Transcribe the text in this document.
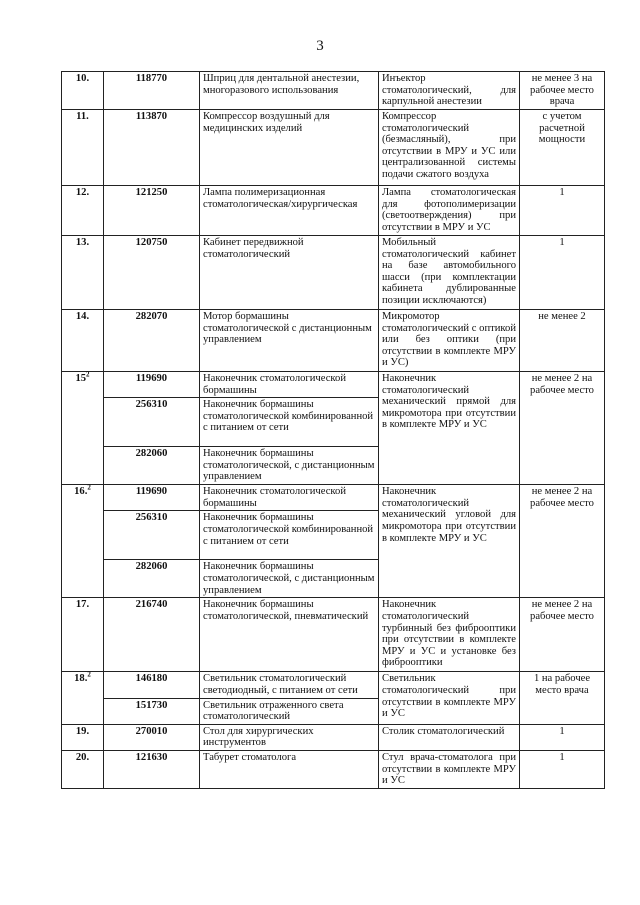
3
10.	118770	Шприц для дентальной анестезии, многоразового использования	Инъектор стоматологический, для карпульной анестезии	не менее 3 на рабочее место врача
11.	113870	Компрессор воздушный для медицинских изделий	Компрессор стоматологический (безмасляный), при отсутствии в МРУ и УС или централизованной системы подачи сжатого воздуха	с учетом расчетной мощности
12.	121250	Лампа полимеризационная стоматологическая/хирургическая	Лампа стоматологическая для фотополимеризации (светоотверждения) при отсутствии в МРУ и УС	1
13.	120750	Кабинет передвижной стоматологический	Мобильный стоматологический кабинет на базе автомобильного шасси (при комплектации кабинета дублированные позиции исключаются)	1
14.	282070	Мотор бормашины стоматологической с дистанционным управлением	Микромотор стоматологический с оптикой или без оптики (при отсутствии в комплекте МРУ и УС)	не менее 2
$15^2$	119690	Наконечник стоматологической бормашины	Наконечник стоматологический механический прямой для микромотора при отсутствии в комплекте МРУ и УС	не менее 2 на рабочее место
	256310	Наконечник бормашины стоматологической комбинированной с питанием от сети		
	282060	Наконечник бормашины стоматологической, с дистанционным управлением		
16.$^2$	119690	Наконечник стоматологической бормашины	Наконечник стоматологический механический угловой для микромотора при отсутствии в комплекте МРУ и УС	не менее 2 на рабочее место
	256310	Наконечник бормашины стоматологической комбинированной с питанием от сети		
	282060	Наконечник бормашины стоматологической, с дистанционным управлением		
17.	216740	Наконечник бормашины стоматологической, пневматический	Наконечник стоматологический турбинный без фиброоптики при отсутствии в комплекте МРУ и УС и установке без фиброоптики	не менее 2 на рабочее место
18.$^2$	146180	Светильник стоматологический светодиодный, с питанием от сети	Светильник стоматологический при отсутствии в комплекте МРУ и УС	1 на рабочее место врача
	151730	Светильник отраженного света стоматологический		
19.	270010	Стол для хирургических инструментов	Столик стоматологический	1
20.	121630	Табурет стоматолога	Стул врача-стоматолога при отсутствии в комплекте МРУ и УС	1
